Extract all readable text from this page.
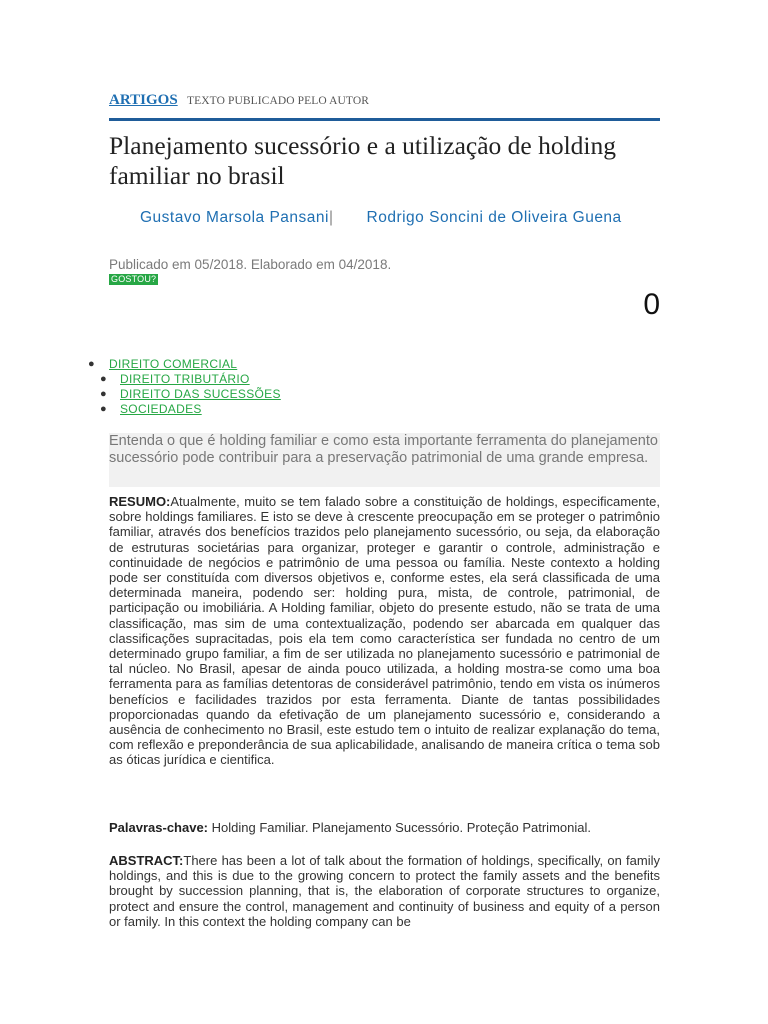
ARTIGOS TEXTO PUBLICADO PELO AUTOR
Planejamento sucessório e a utilização de holding familiar no brasil
Gustavo Marsola Pansani| Rodrigo Soncini de Oliveira Guena
Publicado em 05/2018. Elaborado em 04/2018.
GOSTOU?
0
● DIREITO COMERCIAL
● DIREITO TRIBUTÁRIO
● DIREITO DAS SUCESSÕES
● SOCIEDADES
Entenda o que é holding familiar e como esta importante ferramenta do planejamento sucessório pode contribuir para a preservação patrimonial de uma grande empresa.

RESUMO:Atualmente, muito se tem falado sobre a constituição de holdings, especificamente, sobre holdings familiares. E isto se deve à crescente preocupação em se proteger o patrimônio familiar, através dos benefícios trazidos pelo planejamento sucessório, ou seja, da elaboração de estruturas societárias para organizar, proteger e garantir o controle, administração e continuidade de negócios e patrimônio de uma pessoa ou família. Neste contexto a holding pode ser constituída com diversos objetivos e, conforme estes, ela será classificada de uma determinada maneira, podendo ser: holding pura, mista, de controle, patrimonial, de participação ou imobiliária. A Holding familiar, objeto do presente estudo, não se trata de uma classificação, mas sim de uma contextualização, podendo ser abarcada em qualquer das classificações supracitadas, pois ela tem como característica ser fundada no centro de um determinado grupo familiar, a fim de ser utilizada no planejamento sucessório e patrimonial de tal núcleo. No Brasil, apesar de ainda pouco utilizada, a holding mostra-se como uma boa ferramenta para as famílias detentoras de considerável patrimônio, tendo em vista os inúmeros benefícios e facilidades trazidos por esta ferramenta. Diante de tantas possibilidades proporcionadas quando da efetivação de um planejamento sucessório e, considerando a ausência de conhecimento no Brasil, este estudo tem o intuito de realizar explanação do tema, com reflexão e preponderância de sua aplicabilidade, analisando de maneira crítica o tema sob as óticas jurídica e cientifica.

Palavras-chave: Holding Familiar. Planejamento Sucessório. Proteção Patrimonial.

ABSTRACT:There has been a lot of talk about the formation of holdings, specifically, on family holdings, and this is due to the growing concern to protect the family assets and the benefits brought by succession planning, that is, the elaboration of corporate structures to organize, protect and ensure the control, management and continuity of business and equity of a person or family. In this context the holding company can be
